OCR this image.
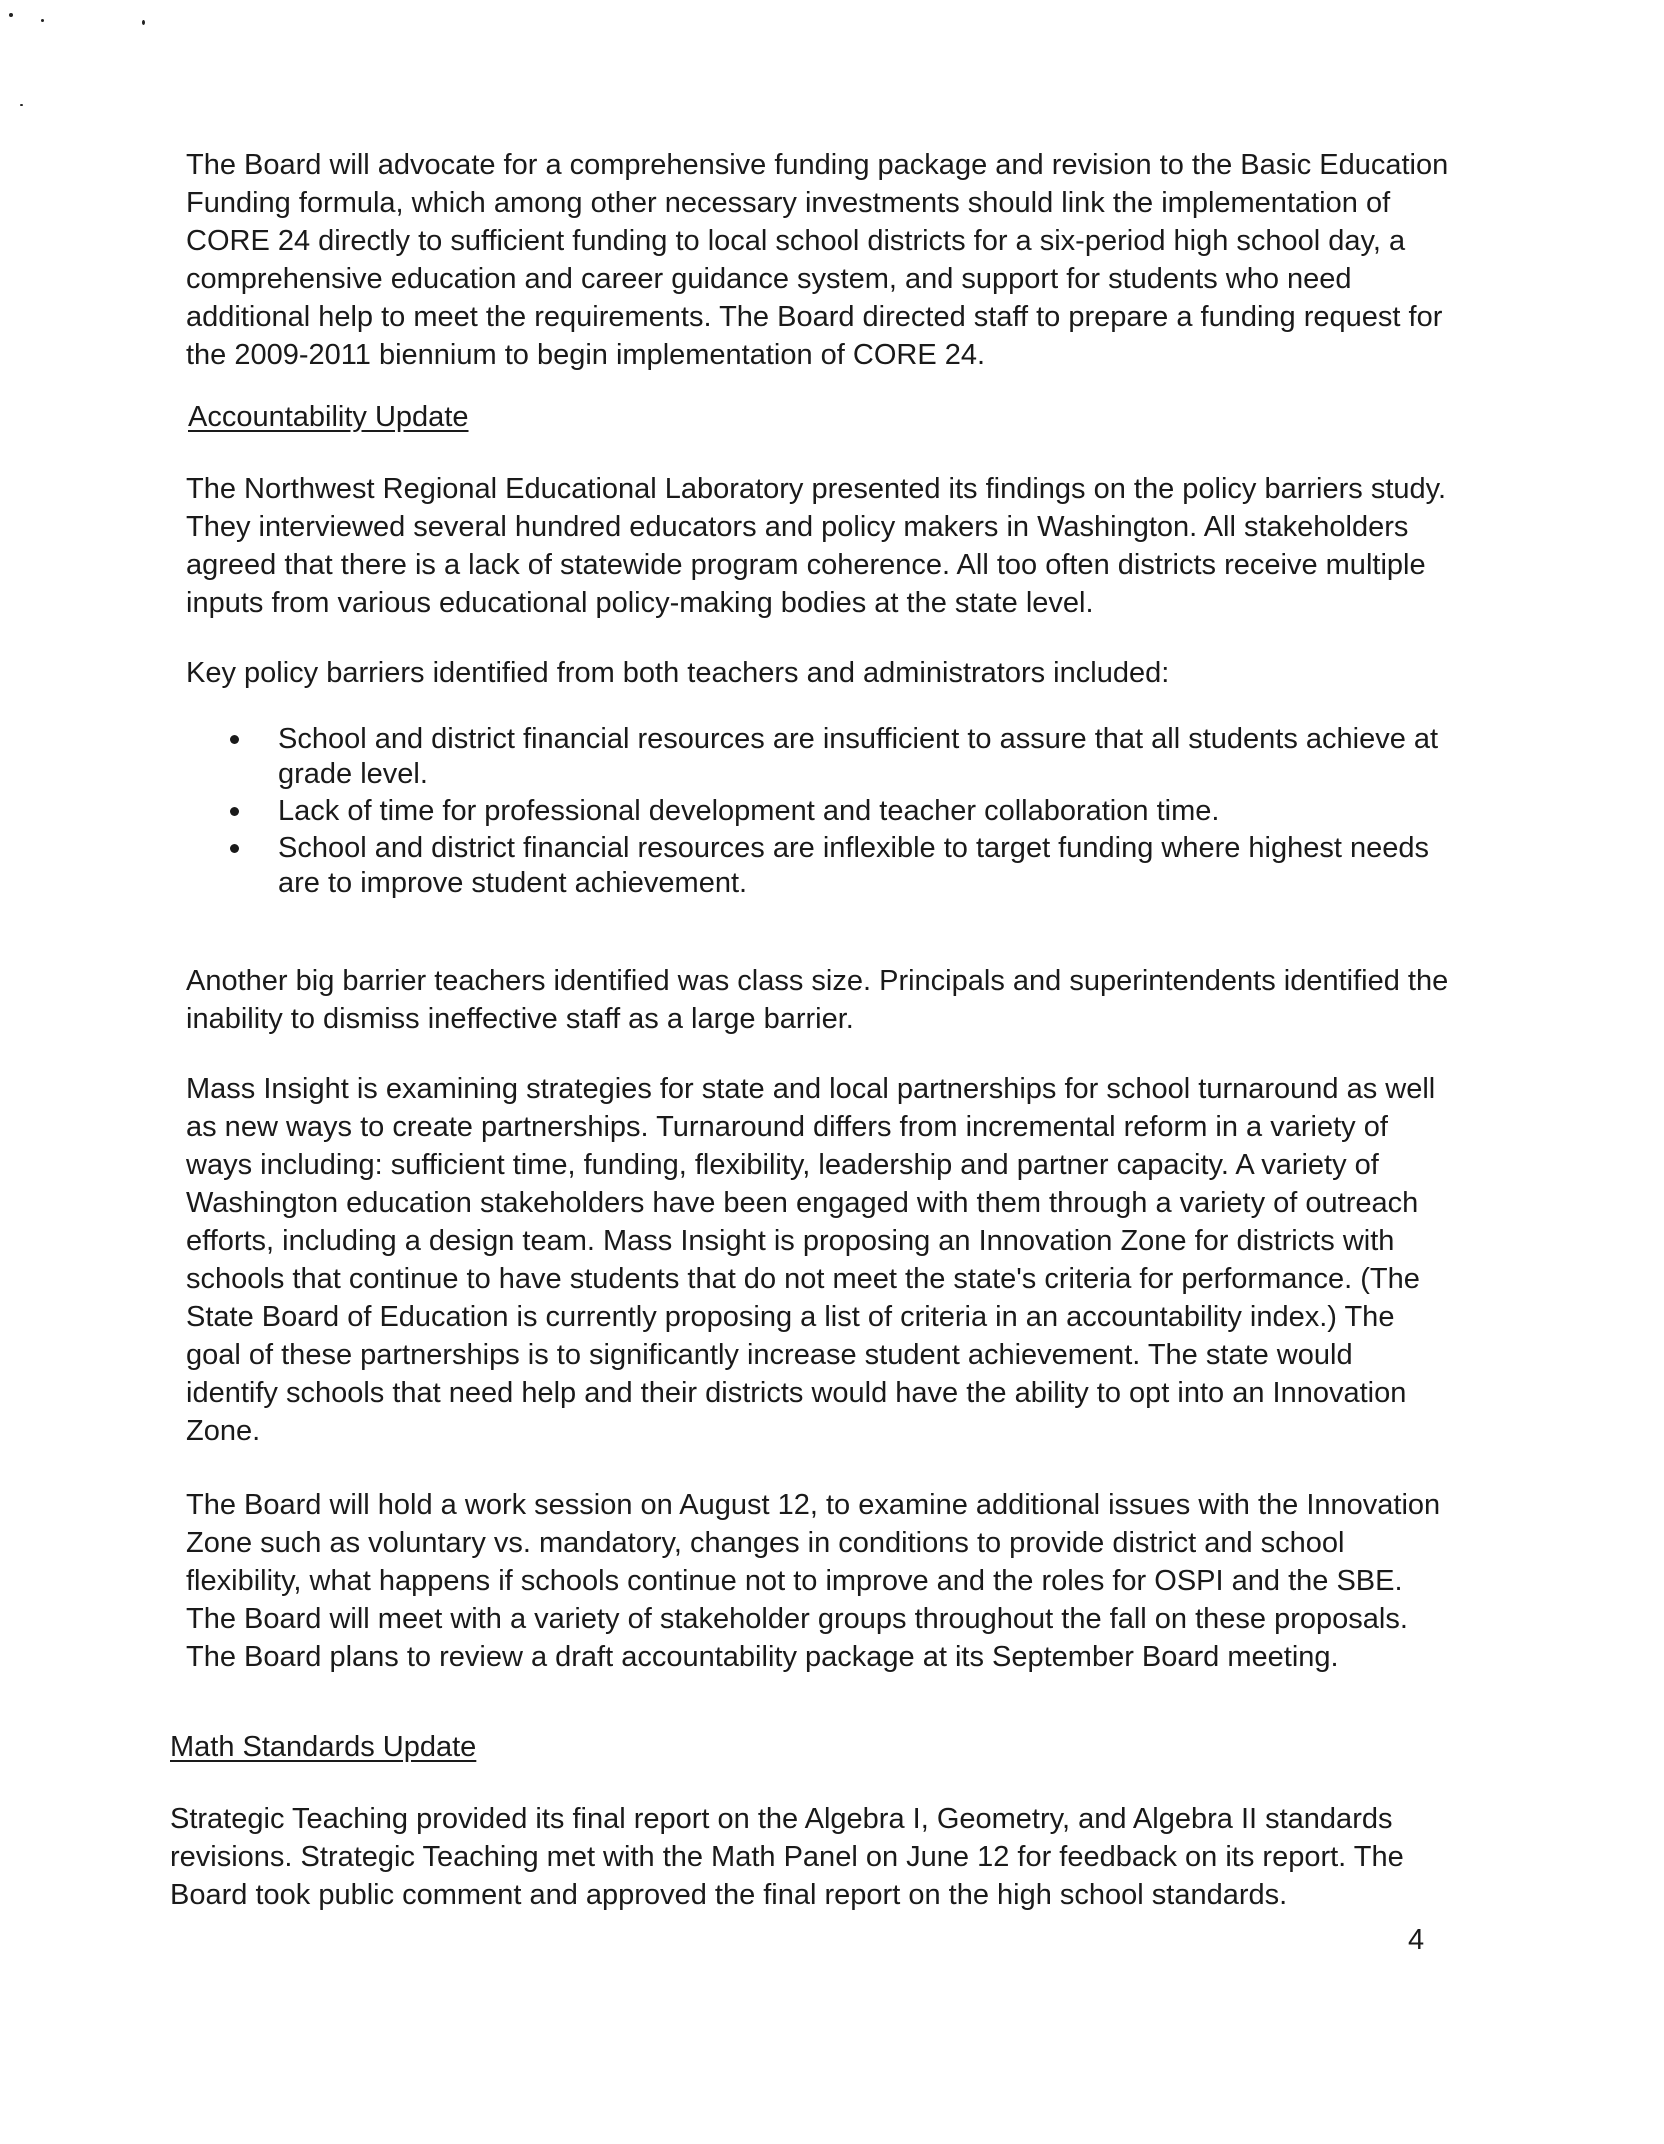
The Board will advocate for a comprehensive funding package and revision to the Basic Education Funding formula, which among other necessary investments should link the implementation of CORE 24 directly to sufficient funding to local school districts for a six-period high school day, a comprehensive education and career guidance system, and support for students who need additional help to meet the requirements. The Board directed staff to prepare a funding request for the 2009-2011 biennium to begin implementation of CORE 24.

Accountability Update

The Northwest Regional Educational Laboratory presented its findings on the policy barriers study. They interviewed several hundred educators and policy makers in Washington. All stakeholders agreed that there is a lack of statewide program coherence. All too often districts receive multiple inputs from various educational policy-making bodies at the state level.

Key policy barriers identified from both teachers and administrators included:

School and district financial resources are insufficient to assure that all students achieve at grade level.
Lack of time for professional development and teacher collaboration time.
School and district financial resources are inflexible to target funding where highest needs are to improve student achievement.

Another big barrier teachers identified was class size. Principals and superintendents identified the inability to dismiss ineffective staff as a large barrier.

Mass Insight is examining strategies for state and local partnerships for school turnaround as well as new ways to create partnerships. Turnaround differs from incremental reform in a variety of ways including: sufficient time, funding, flexibility, leadership and partner capacity. A variety of Washington education stakeholders have been engaged with them through a variety of outreach efforts, including a design team. Mass Insight is proposing an Innovation Zone for districts with schools that continue to have students that do not meet the state's criteria for performance. (The State Board of Education is currently proposing a list of criteria in an accountability index.) The goal of these partnerships is to significantly increase student achievement. The state would identify schools that need help and their districts would have the ability to opt into an Innovation Zone.

The Board will hold a work session on August 12, to examine additional issues with the Innovation Zone such as voluntary vs. mandatory, changes in conditions to provide district and school flexibility, what happens if schools continue not to improve and the roles for OSPI and the SBE. The Board will meet with a variety of stakeholder groups throughout the fall on these proposals. The Board plans to review a draft accountability package at its September Board meeting.

Math Standards Update

Strategic Teaching provided its final report on the Algebra I, Geometry, and Algebra II standards revisions. Strategic Teaching met with the Math Panel on June 12 for feedback on its report. The Board took public comment and approved the final report on the high school standards.

4
